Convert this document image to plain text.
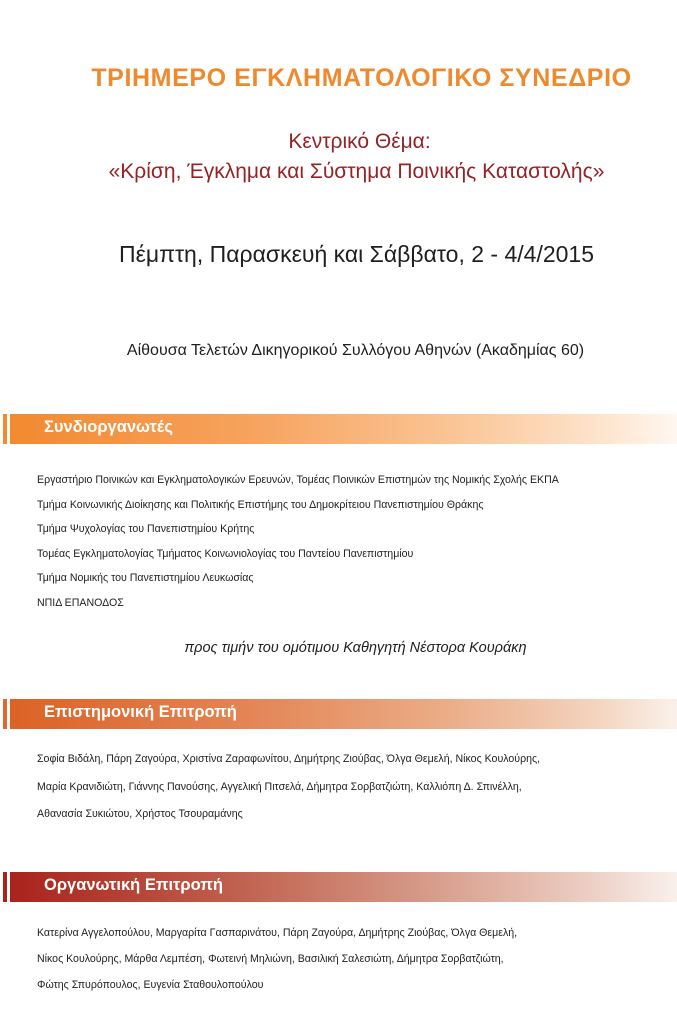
ΤΡΙΗΜΕΡΟ ΕΓΚΛΗΜΑΤΟΛΟΓΙΚΟ ΣΥΝΕΔΡΙΟ
Κεντρικό Θέμα:
«Κρίση, Έγκλημα και Σύστημα Ποινικής Καταστολής»
Πέμπτη, Παρασκευή και Σάββατο, 2 - 4/4/2015
Αίθουσα Τελετών Δικηγορικού Συλλόγου Αθηνών (Ακαδημίας 60)
Συνδιοργανωτές
Εργαστήριο Ποινικών και Εγκληματολογικών Ερευνών, Τομέας Ποινικών Επιστημών της Νομικής Σχολής ΕΚΠΑ
Τμήμα Κοινωνικής Διοίκησης και Πολιτικής Επιστήμης του Δημοκρίτειου Πανεπιστημίου Θράκης
Τμήμα Ψυχολογίας του Πανεπιστημίου Κρήτης
Τομέας Εγκληματολογίας Τμήματος Κοινωνιολογίας του Παντείου Πανεπιστημίου
Τμήμα Νομικής του Πανεπιστημίου Λευκωσίας
ΝΠΙΔ ΕΠΑΝΟΔΟΣ
προς τιμήν του ομότιμου Καθηγητή Νέστορα Κουράκη
Επιστημονική Επιτροπή
Σοφία Βιδάλη, Πάρη Ζαγούρα, Χριστίνα Ζαραφωνίτου, Δημήτρης Ζιούβας, Όλγα Θεμελή, Νίκος Κουλούρης,
Μαρία Κρανιδιώτη, Γιάννης Πανούσης, Αγγελική Πιτσελά, Δήμητρα Σορβατζιώτη, Καλλιόπη Δ. Σπινέλλη,
Αθανασία Συκιώτου, Χρήστος Τσουραμάνης
Οργανωτική Επιτροπή
Κατερίνα Αγγελοπούλου, Μαργαρίτα Γασπαρινάτου, Πάρη Ζαγούρα, Δημήτρης Ζιούβας, Όλγα Θεμελή,
Νίκος Κουλούρης, Μάρθα Λεμπέση, Φωτεινή Μηλιώνη, Βασιλική Σαλεσιώτη, Δήμητρα Σορβατζιώτη,
Φώτης Σπυρόπουλος, Ευγενία Σταθουλοπούλου
